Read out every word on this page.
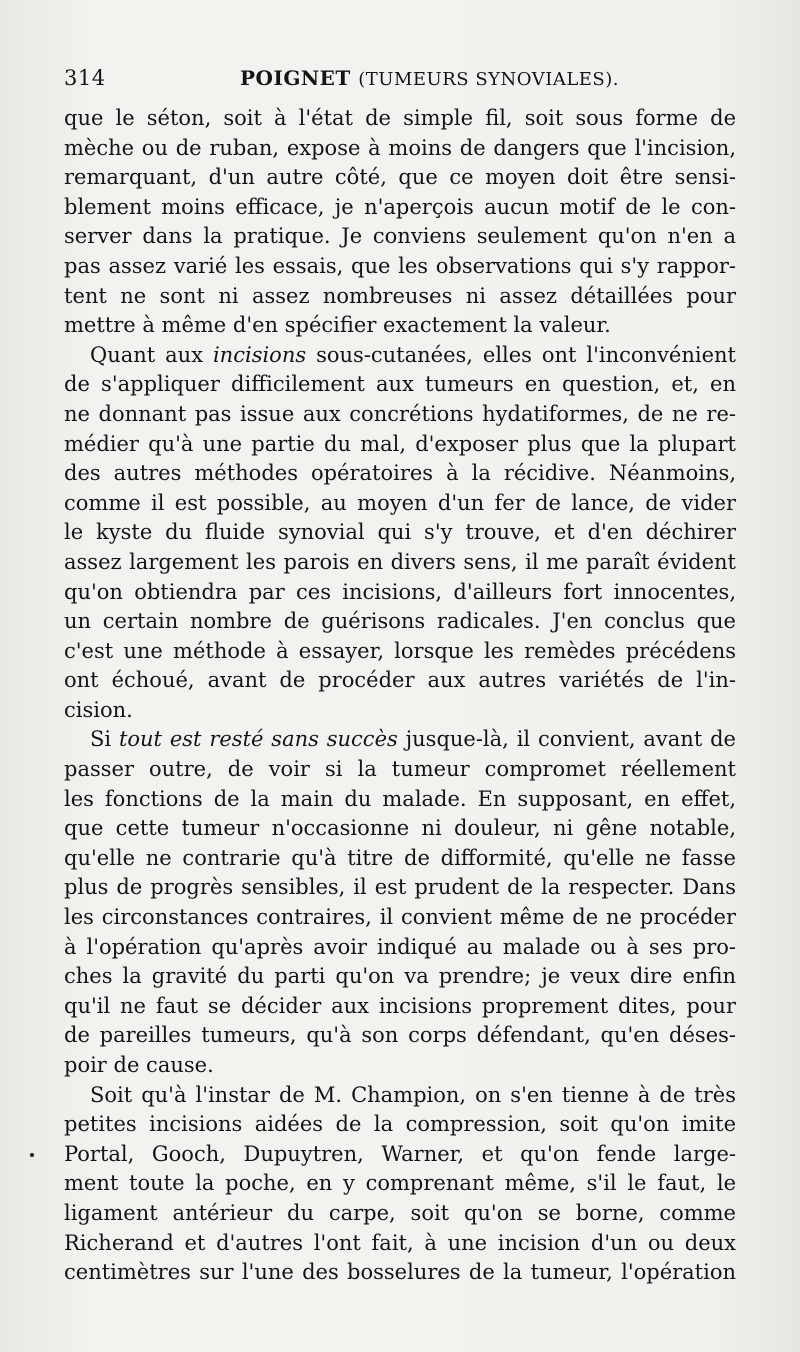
314	POIGNET (TUMEURS SYNOVIALES).
que le séton, soit à l'état de simple fil, soit sous forme de
mèche ou de ruban, expose à moins de dangers que l'incision,
remarquant, d'un autre côté, que ce moyen doit être sensi-
blement moins efficace, je n'aperçois aucun motif de le con-
server dans la pratique. Je conviens seulement qu'on n'en a
pas assez varié les essais, que les observations qui s'y rappor-
tent ne sont ni assez nombreuses ni assez détaillées pour
mettre à même d'en spécifier exactement la valeur.
Quant aux incisions sous-cutanées, elles ont l'inconvénient
de s'appliquer difficilement aux tumeurs en question, et, en
ne donnant pas issue aux concrétions hydatiformes, de ne re-
médier qu'à une partie du mal, d'exposer plus que la plupart
des autres méthodes opératoires à la récidive. Néanmoins,
comme il est possible, au moyen d'un fer de lance, de vider
le kyste du fluide synovial qui s'y trouve, et d'en déchirer
assez largement les parois en divers sens, il me paraît évident
qu'on obtiendra par ces incisions, d'ailleurs fort innocentes,
un certain nombre de guérisons radicales. J'en conclus que
c'est une méthode à essayer, lorsque les remèdes précédens
ont échoué, avant de procéder aux autres variétés de l'in-
cision.
Si tout est resté sans succès jusque-là, il convient, avant de
passer outre, de voir si la tumeur compromet réellement
les fonctions de la main du malade. En supposant, en effet,
que cette tumeur n'occasionne ni douleur, ni gêne notable,
qu'elle ne contrarie qu'à titre de difformité, qu'elle ne fasse
plus de progrès sensibles, il est prudent de la respecter. Dans
les circonstances contraires, il convient même de ne procéder
à l'opération qu'après avoir indiqué au malade ou à ses pro-
ches la gravité du parti qu'on va prendre; je veux dire enfin
qu'il ne faut se décider aux incisions proprement dites, pour
de pareilles tumeurs, qu'à son corps défendant, qu'en déses-
poir de cause.
Soit qu'à l'instar de M. Champion, on s'en tienne à de très
petites incisions aidées de la compression, soit qu'on imite
Portal, Gooch, Dupuytren, Warner, et qu'on fende large-
ment toute la poche, en y comprenant même, s'il le faut, le
ligament antérieur du carpe, soit qu'on se borne, comme
Richerand et d'autres l'ont fait, à une incision d'un ou deux
centimètres sur l'une des bosselures de la tumeur, l'opération
